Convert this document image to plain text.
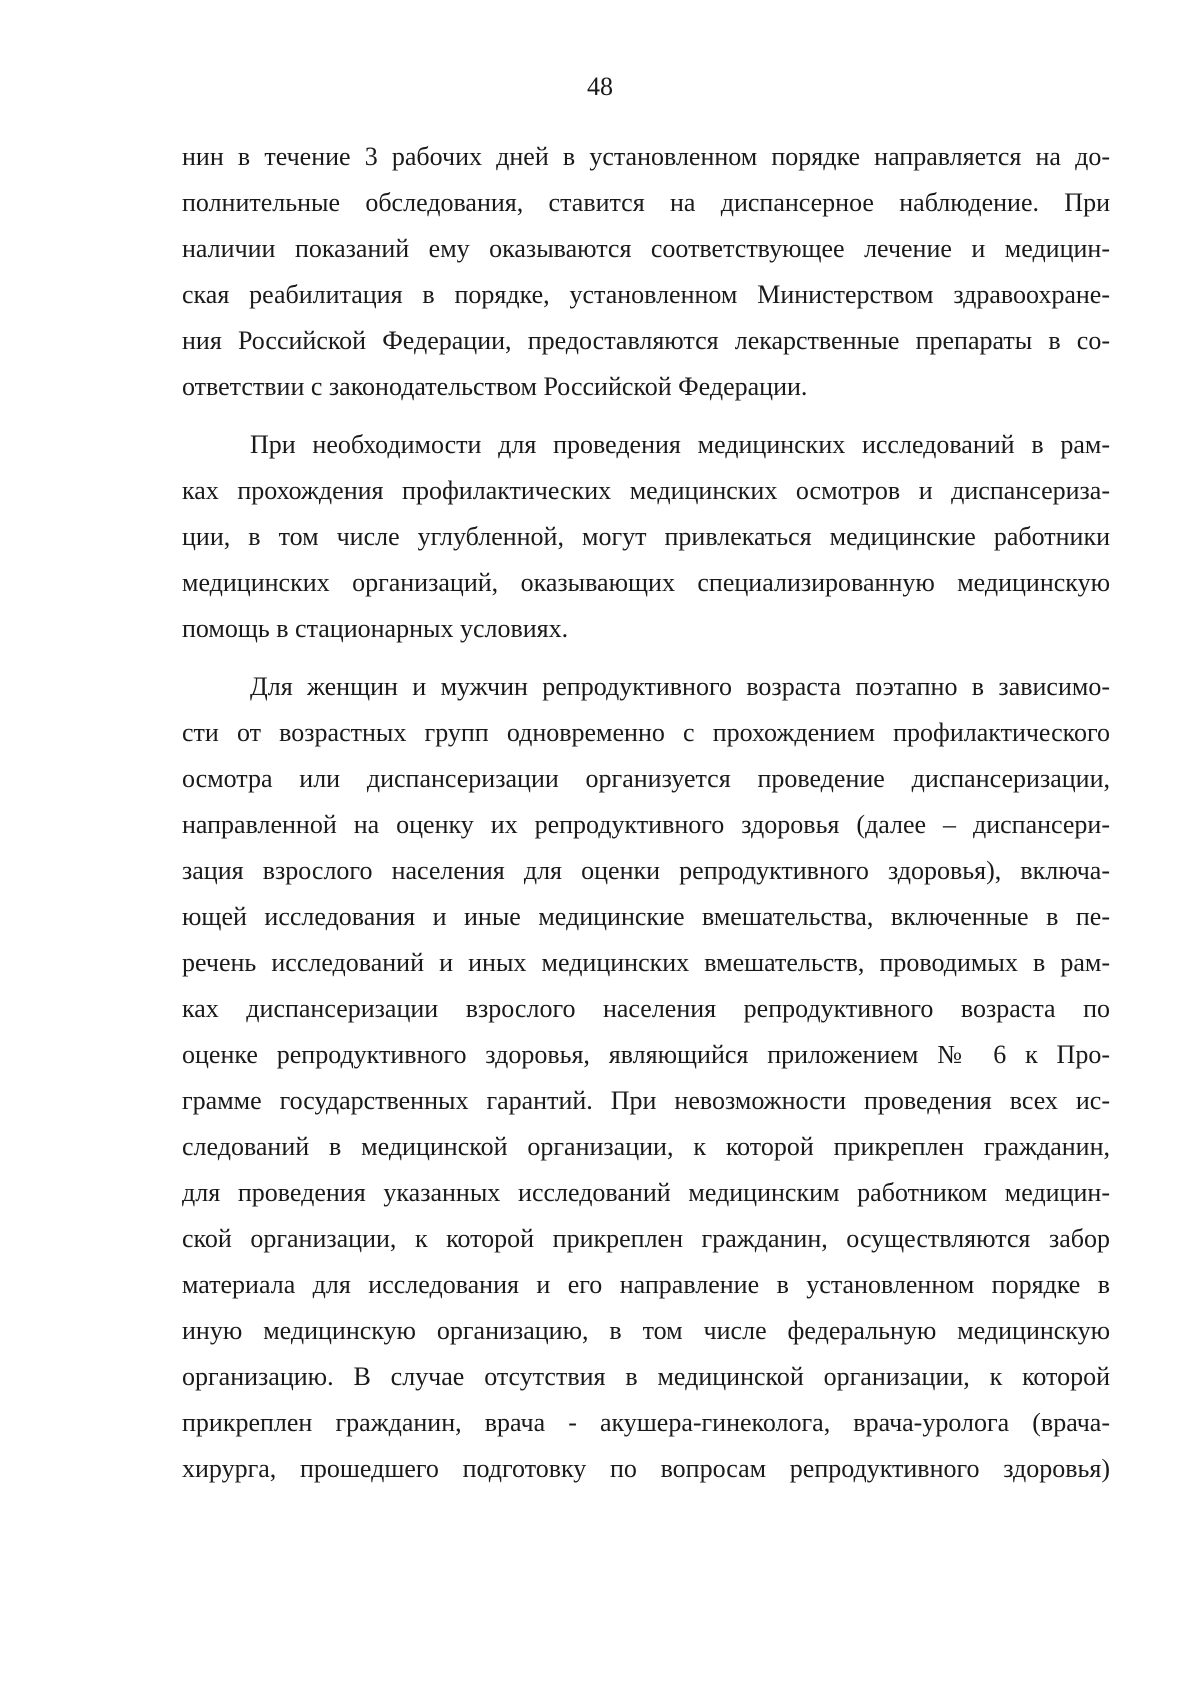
48
нин в течение 3 рабочих дней в установленном порядке направляется на до-
полнительные обследования, ставится на диспансерное наблюдение. При
наличии показаний ему оказываются соответствующее лечение и медицин-
ская реабилитация в порядке, установленном Министерством здравоохране-
ния Российской Федерации, предоставляются лекарственные препараты в со-
ответствии с законодательством Российской Федерации.
При необходимости для проведения медицинских исследований в рам-
ках прохождения профилактических медицинских осмотров и диспансериза-
ции, в том числе углубленной, могут привлекаться медицинские работники
медицинских организаций, оказывающих специализированную медицинскую
помощь в стационарных условиях.
Для женщин и мужчин репродуктивного возраста поэтапно в зависимо-
сти от возрастных групп одновременно с прохождением профилактического
осмотра или диспансеризации организуется проведение диспансеризации,
направленной на оценку их репродуктивного здоровья (далее – диспансери-
зация взрослого населения для оценки репродуктивного здоровья), включа-
ющей исследования и иные медицинские вмешательства, включенные в пе-
речень исследований и иных медицинских вмешательств, проводимых в рам-
ках диспансеризации взрослого населения репродуктивного возраста по
оценке репродуктивного здоровья, являющийся приложением № 6 к Про-
грамме государственных гарантий. При невозможности проведения всех ис-
следований в медицинской организации, к которой прикреплен гражданин,
для проведения указанных исследований медицинским работником медицин-
ской организации, к которой прикреплен гражданин, осуществляются забор
материала для исследования и его направление в установленном порядке в
иную медицинскую организацию, в том числе федеральную медицинскую
организацию. В случае отсутствия в медицинской организации, к которой
прикреплен гражданин, врача - акушера-гинеколога, врача-уролога (врача-
хирурга, прошедшего подготовку по вопросам репродуктивного здоровья)
